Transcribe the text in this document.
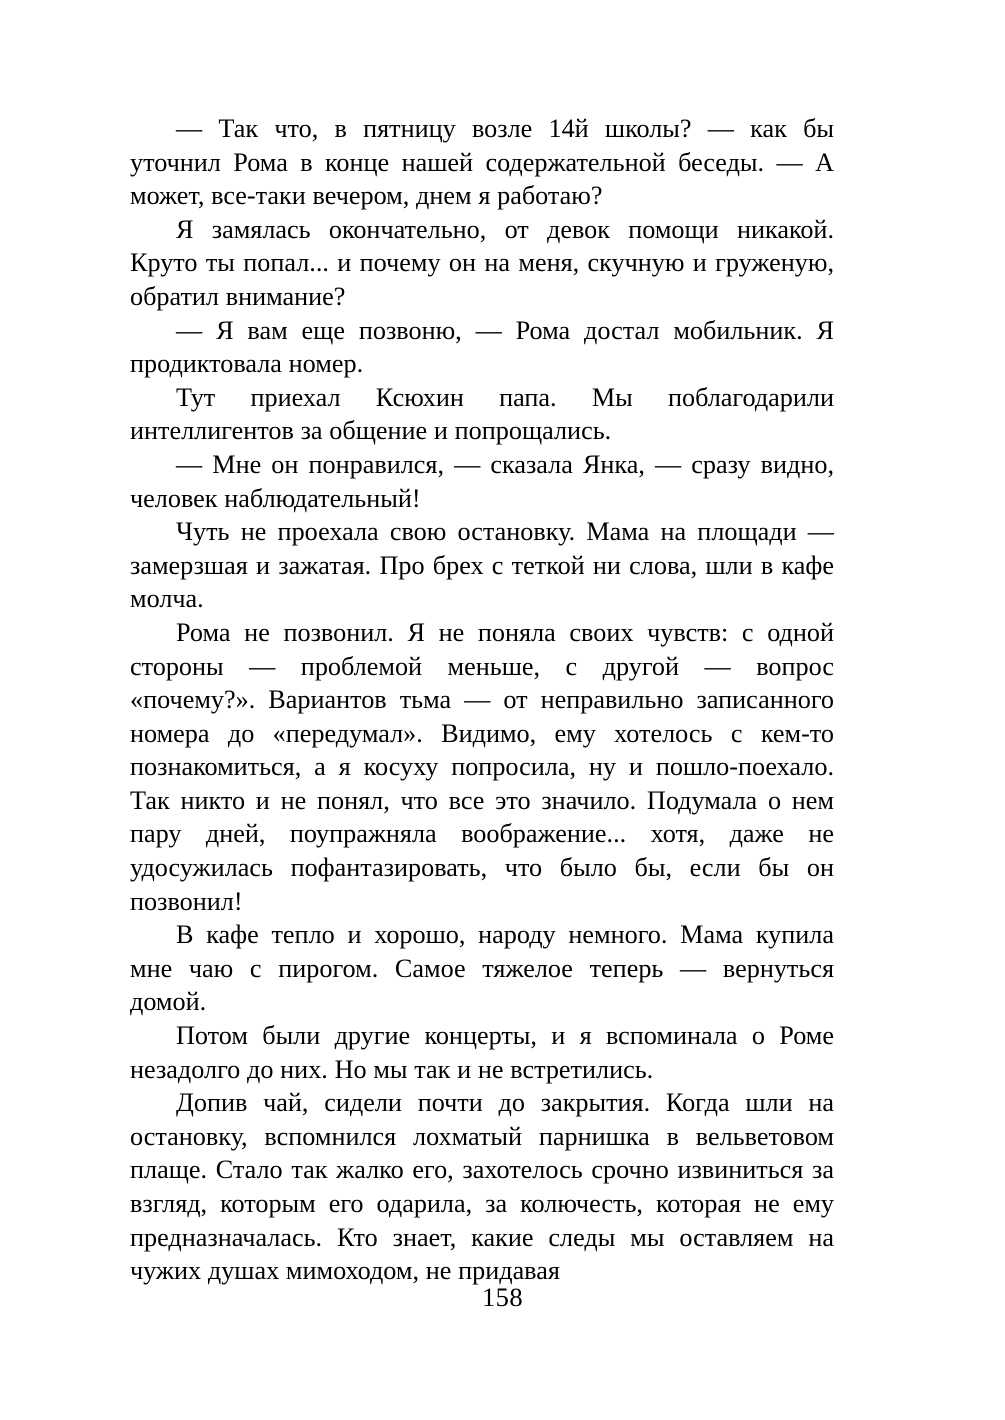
— Так что, в пятницу возле 14й школы? — как бы уточнил Рома в конце нашей содержательной беседы. — А может, все-таки вечером, днем я работаю?

Я замялась окончательно, от девок помощи никакой. Круто ты попал... и почему он на меня, скучную и груженую, обратил внимание?

— Я вам еще позвоню, — Рома достал мобильник. Я продиктовала номер.

Тут приехал Ксюхин папа. Мы поблагодарили интеллигентов за общение и попрощались.

— Мне он понравился, — сказала Янка, — сразу видно, человек наблюдательный!

Чуть не проехала свою остановку. Мама на площади — замерзшая и зажатая. Про брех с теткой ни слова, шли в кафе молча.

Рома не позвонил. Я не поняла своих чувств: с одной стороны — проблемой меньше, с другой — вопрос «почему?». Вариантов тьма — от неправильно записанного номера до «передумал». Видимо, ему хотелось с кем-то познакомиться, а я косуху попросила, ну и пошло-поехало. Так никто и не понял, что все это значило. Подумала о нем пару дней, поупражняла воображение... хотя, даже не удосужилась пофантазировать, что было бы, если бы он позвонил!

В кафе тепло и хорошо, народу немного. Мама купила мне чаю с пирогом. Самое тяжелое теперь — вернуться домой.

Потом были другие концерты, и я вспоминала о Роме незадолго до них. Но мы так и не встретились.

Допив чай, сидели почти до закрытия. Когда шли на остановку, вспомнился лохматый парнишка в вельветовом плаще. Стало так жалко его, захотелось срочно извиниться за взгляд, которым его одарила, за колючесть, которая не ему предназначалась. Кто знает, какие следы мы оставляем на чужих душах мимоходом, не придавая

158
